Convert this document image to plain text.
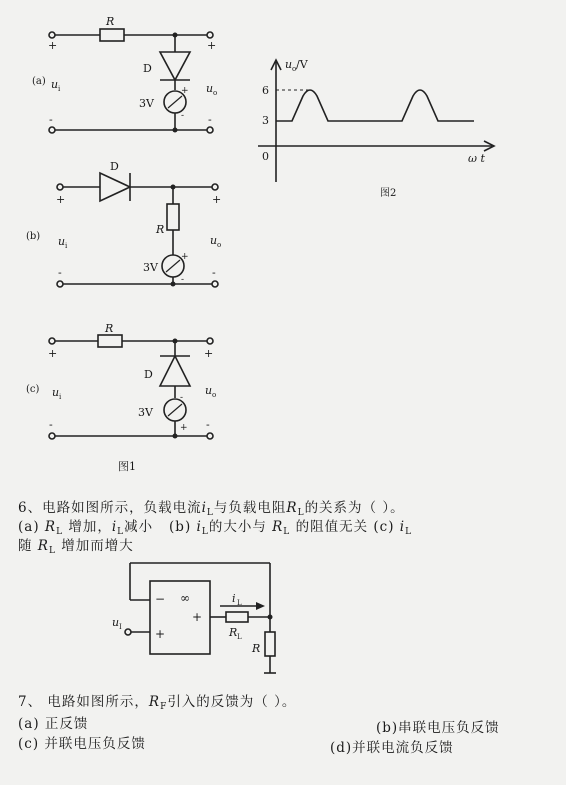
R
D
3V
+	+
-	-
+
-
(a) u i	u o
D
R
3V
+	+
-	-
+
-
(b) u i	u o
R
D
3V
+	+
-	-
-
+
(c) u i	u o
图1
u o /V
6
3
0	ω t
图2
6、电路如图所示，负载电流$i_L$与负载电阻$R_L$的关系为（ ）。
(a) $R_L$ 增加，$i_L$减小 (b) $i_L$的大小与 $R_L$ 的阻值无关 (c) $i_L$
随 $R_L$ 增加而增大
∞
−
+
+
i L
R L
R
u I
7、 电路如图所示，$R_F$引入的反馈为（ ）。
(a) 正反馈	(b)串联电压负反馈
(c) 并联电压负反馈	(d)并联电流负反馈
